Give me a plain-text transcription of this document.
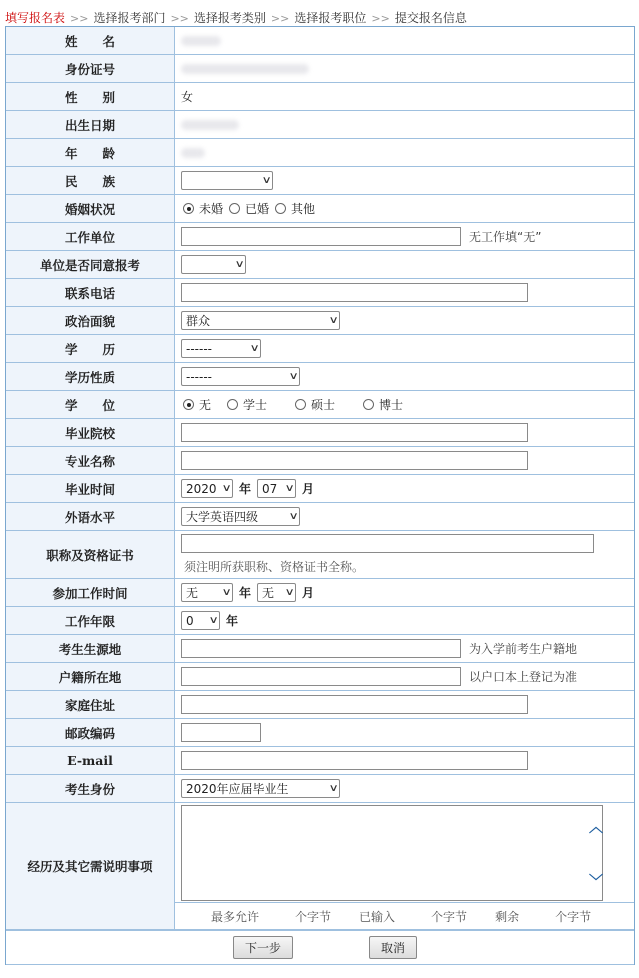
填写报名表 >> 选择报考部门 >> 选择报考类别 >> 选择报考职位 >> 提交报名信息
姓　　名
身份证号
性　　别	女
出生日期
年　　龄
民　　族	∨
婚姻状况	未婚 已婚 其他
工作单位	无工作填“无”
单位是否同意报考	∨
联系电话
政治面貌	群众	∨
学　　历	------	∨
学历性质	------	∨
学　　位	无	学士	硕士	博士
毕业院校
专业名称
毕业时间	2020 ∨ 年 07 ∨ 月
外语水平	大学英语四级	∨
职称及资格证书
须注明所获职称、资格证书全称。
参加工作时间	无 ∨ 年 无 ∨ 月
工作年限	0 ∨ 年
考生生源地	为入学前考生户籍地
户籍所在地	以户口本上登记为准
家庭住址
邮政编码
E-mail
考生身份	2020年应届毕业生	∨
经历及其它需说明事项
︿
﹀
最多允许	个字节 已输入	个字节 剩余	个字节
下一步	取消
